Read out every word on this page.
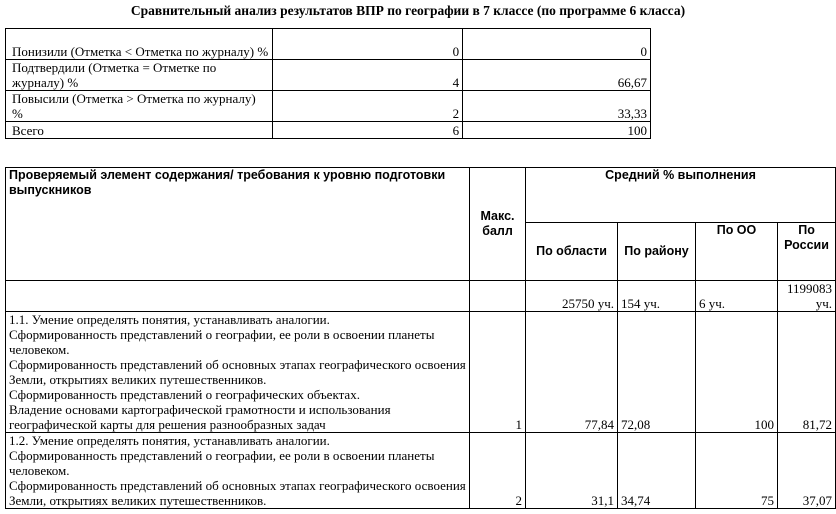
Сравнительный анализ результатов ВПР по географии в 7 классе (по программе 6 класса)
Понизили (Отметка < Отметка по журналу) %	0	0
Подтвердили (Отметка = Отметке по журналу) %	4	66,67
Повысили (Отметка > Отметка по журналу) %	2	33,33
Всего	6	100
Проверяемый элемент содержания/ требования к уровню подготовки выпускников	Макс. балл	Средний % выполнения			
		По области	По району	По ОО	По России
		25750 уч.	154 уч.	6 уч.	1199083 уч.

1.1. Умение определять понятия, устанавливать аналогии.

Сформированность представлений о географии, ее роли в освоении планеты человеком.

Сформированность представлений об основных этапах географического освоения Земли, открытиях великих путешественников.

Сформированность представлений о географических объектах.

Владение основами картографической грамотности и использования географической карты для решения разнообразных задач	1	77,84	72,08	100	81,72

1.2. Умение определять понятия, устанавливать аналогии.

Сформированность представлений о географии, ее роли в освоении планеты человеком.

Сформированность представлений об основных этапах географического освоения Земли, открытиях великих путешественников.	2	31,1	34,74	75	37,07
